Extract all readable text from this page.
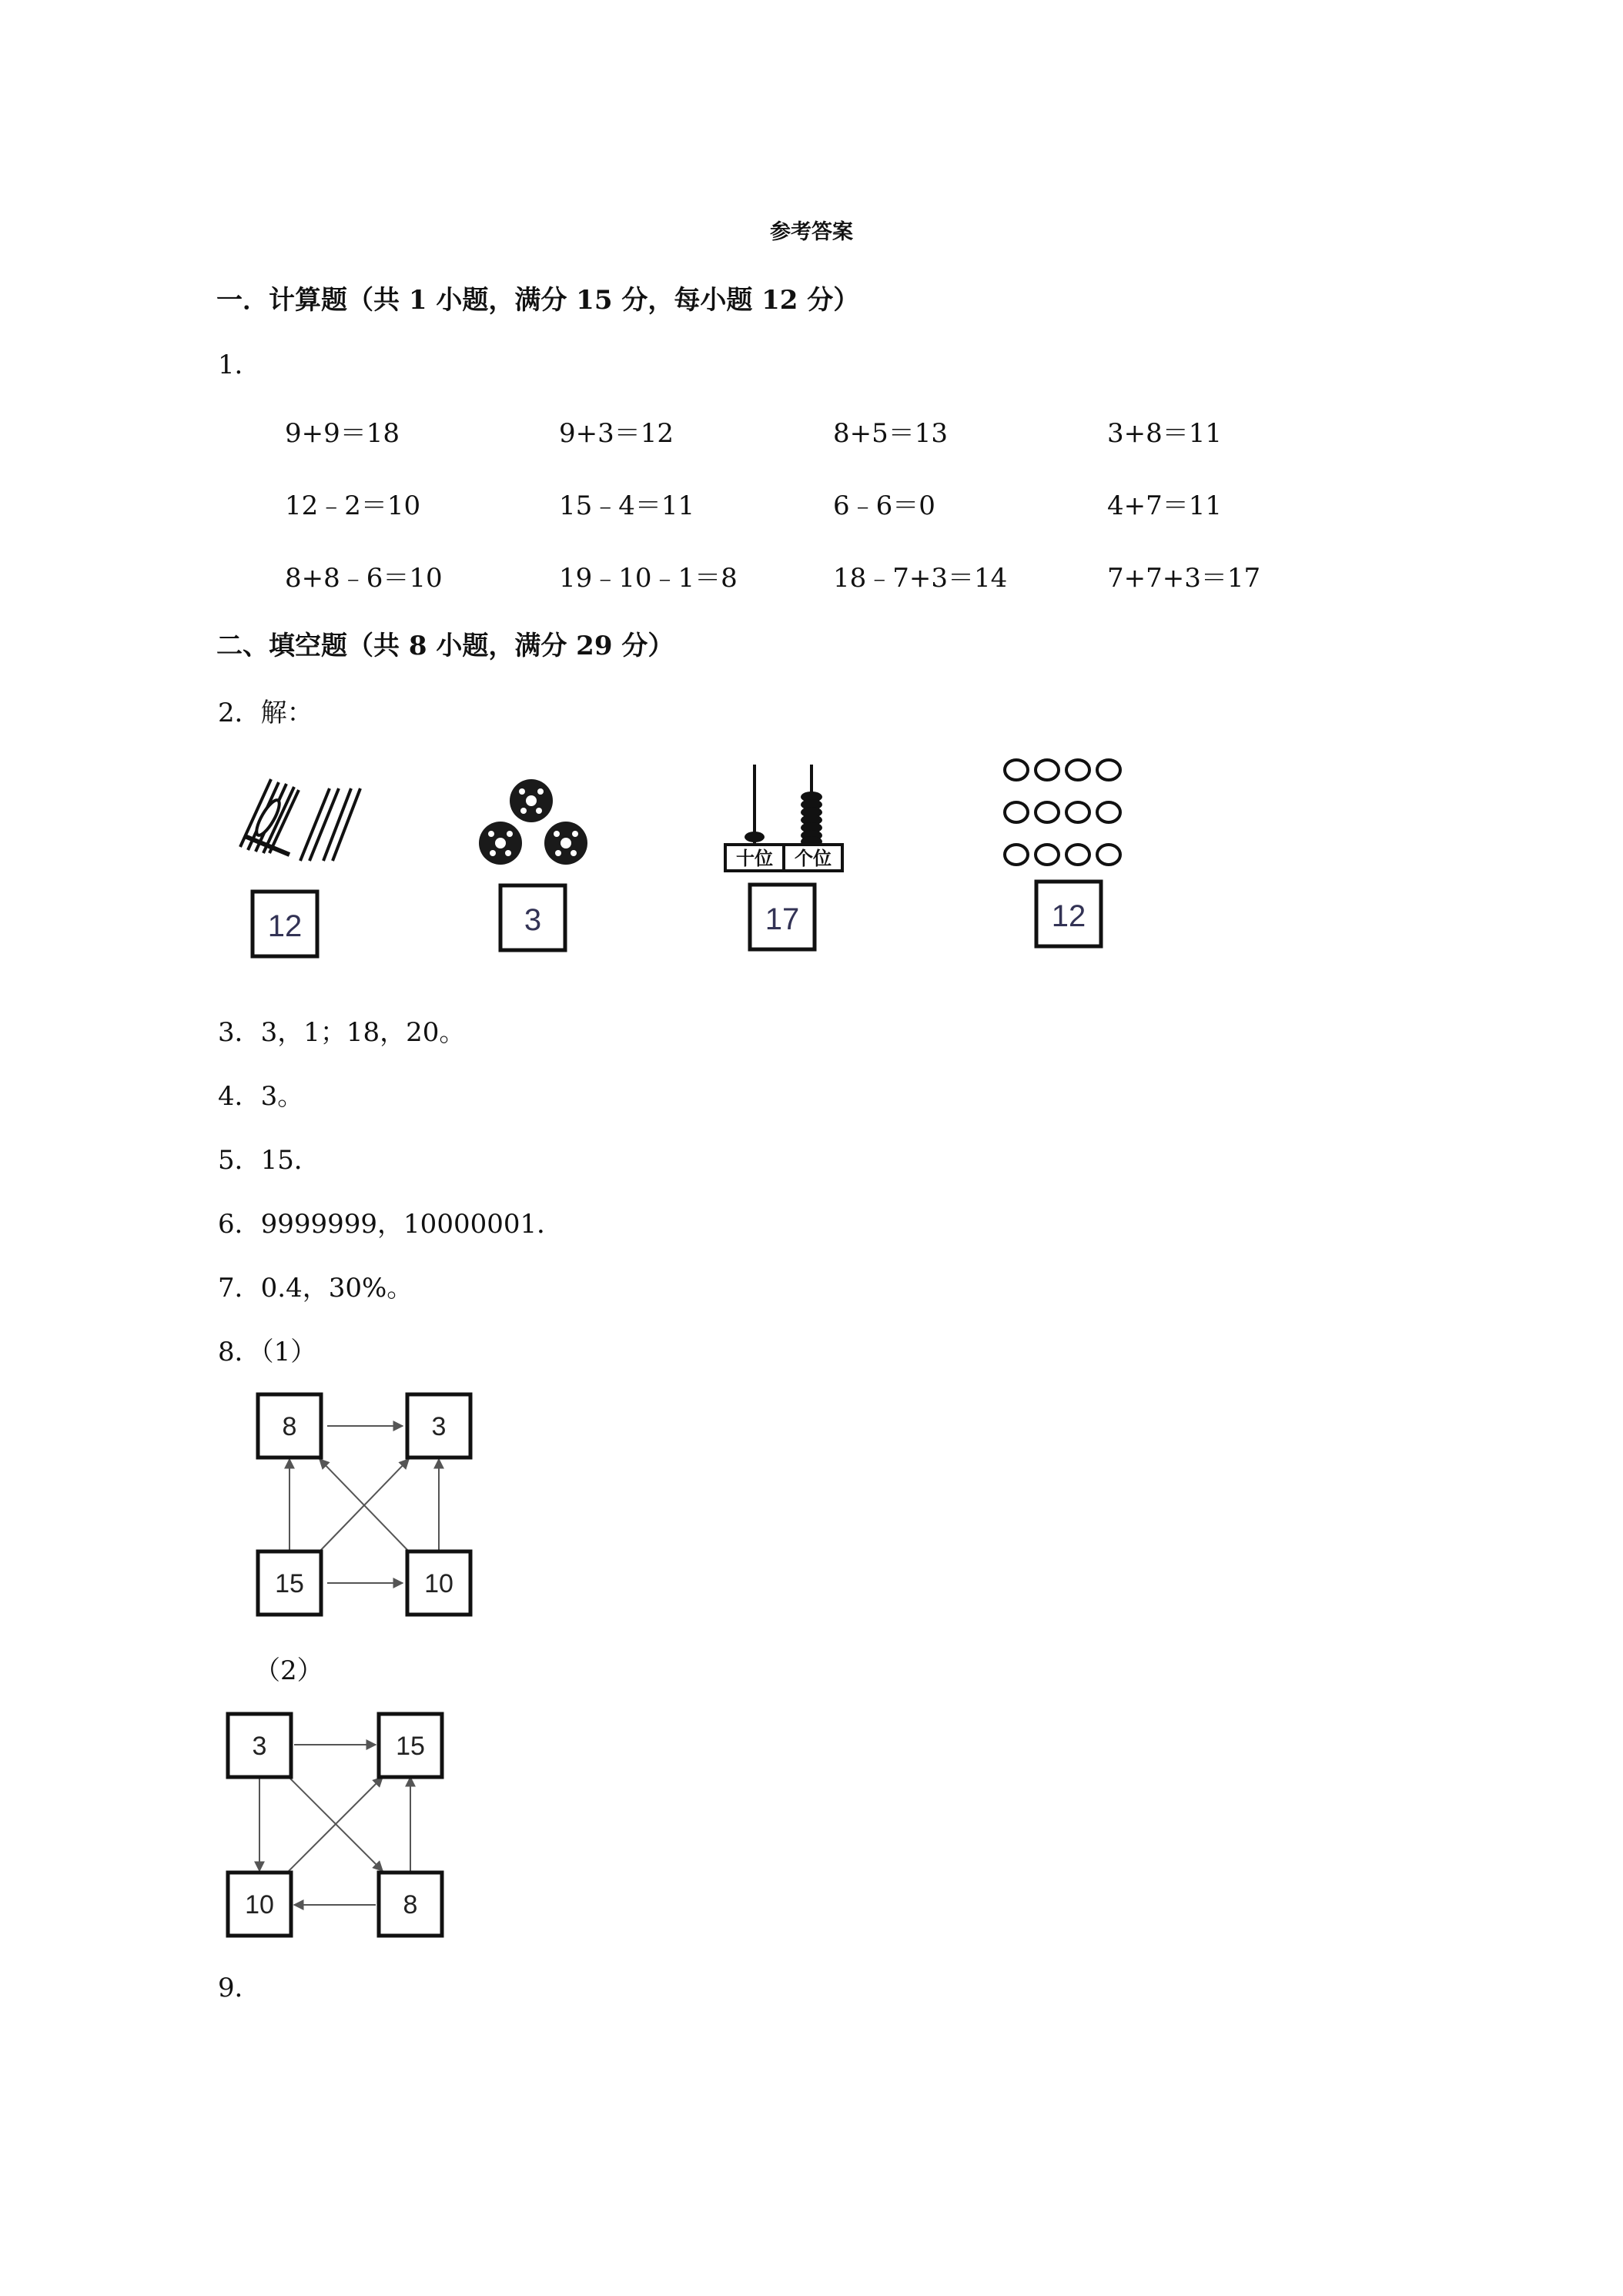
参考答案
一．计算题（共 1 小题，满分 15 分，每小题 12 分）
1．
9+9＝18	9+3＝12	8+5＝13	3+8＝11
12﹣2＝10	15﹣4＝11	6﹣6＝0	4+7＝11
8+8﹣6＝10	19﹣10﹣1＝8	18﹣7+3＝14	7+7+3＝17
二、填空题（共 8 小题，满分 29 分）
2．解：
12	3
十位 个位
17	12
3．3，1；18，20。
4．3。
5．15．
6．9999999，10000001．
7．0.4，30%。
8．（1）
8	3
15	10
（2）
3	15
10	8
9．
